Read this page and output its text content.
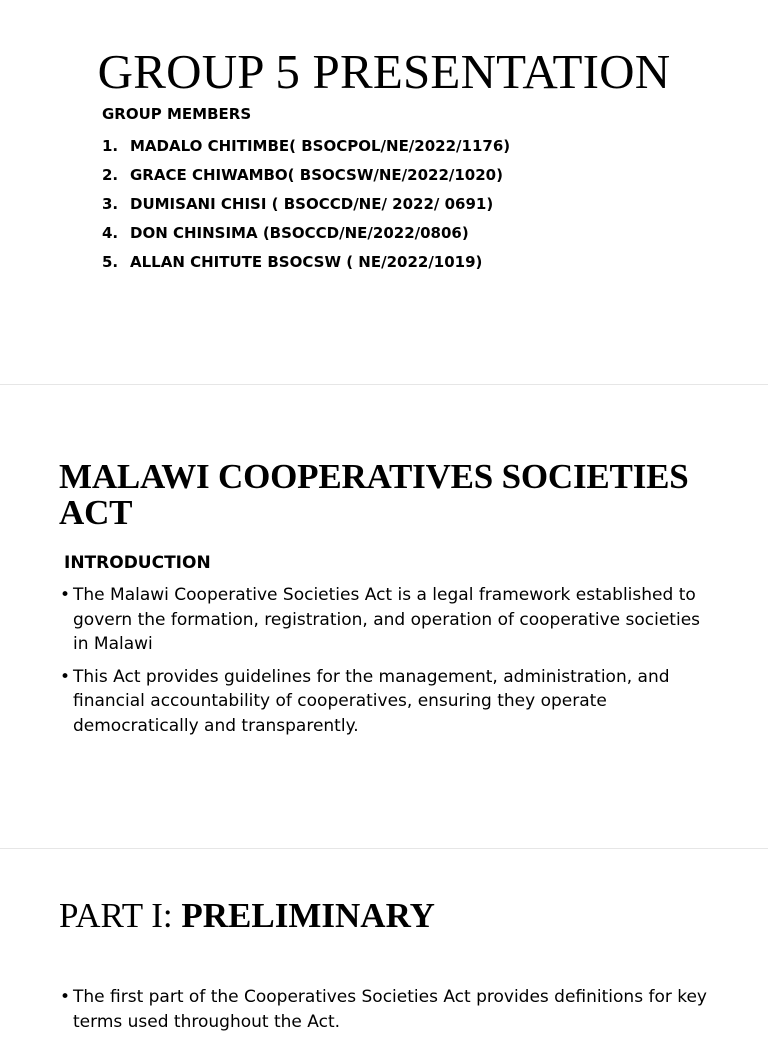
GROUP 5 PRESENTATION
GROUP MEMBERS
1. MADALO CHITIMBE( BSOCPOL/NE/2022/1176)
2. GRACE CHIWAMBO( BSOCSW/NE/2022/1020)
3. DUMISANI CHISI ( BSOCCD/NE/ 2022/ 0691)
4. DON CHINSIMA (BSOCCD/NE/2022/0806)
5. ALLAN CHITUTE BSOCSW ( NE/2022/1019)
MALAWI COOPERATIVES SOCIETIES ACT
INTRODUCTION
• The Malawi Cooperative Societies Act is a legal framework established to govern the formation, registration, and operation of cooperative societies in Malawi
• This Act provides guidelines for the management, administration, and financial accountability of cooperatives, ensuring they operate democratically and transparently.
PART I: PRELIMINARY
• The first part of the Cooperatives Societies Act provides definitions for key terms used throughout the Act.
